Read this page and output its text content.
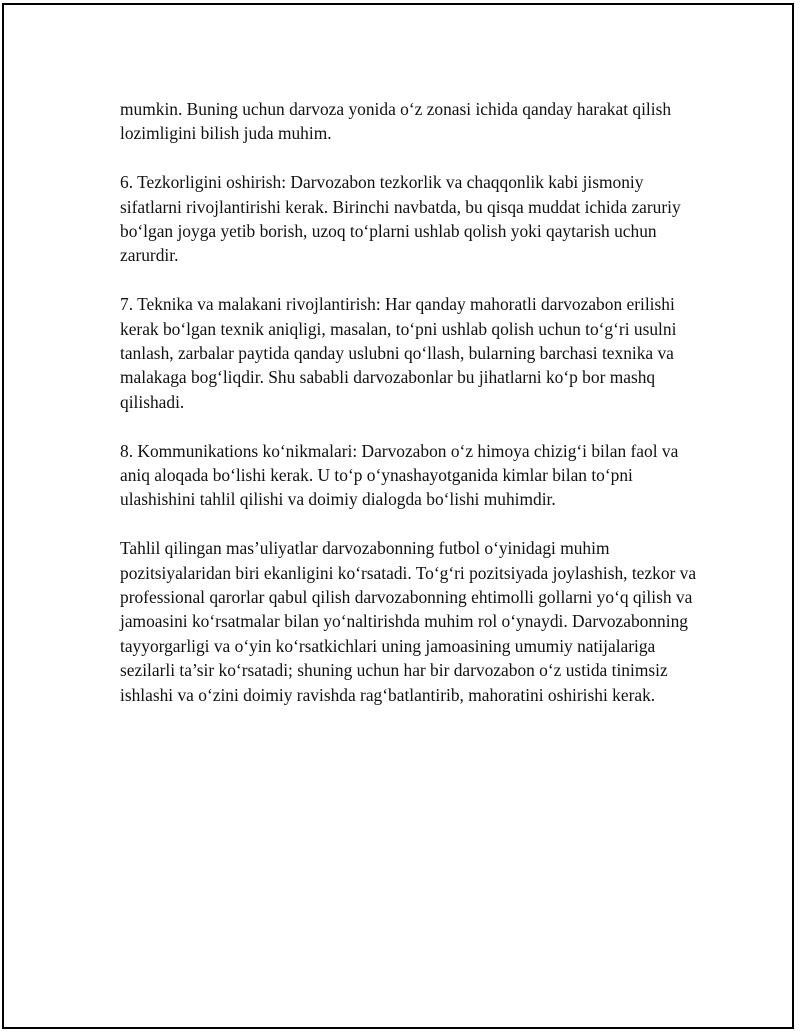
mumkin. Buning uchun darvoza yonida o‘z zonasi ichida qanday harakat qilish lozimligini bilish juda muhim.

6. Tezkorligini oshirish: Darvozabon tezkorlik va chaqqonlik kabi jismoniy sifatlarni rivojlantirishi kerak. Birinchi navbatda, bu qisqa muddat ichida zaruriy bo‘lgan joyga yetib borish, uzoq to‘plarni ushlab qolish yoki qaytarish uchun zarurdir.

7. Teknika va malakani rivojlantirish: Har qanday mahoratli darvozabon erilishi kerak bo‘lgan texnik aniqligi, masalan, to‘pni ushlab qolish uchun to‘g‘ri usulni tanlash, zarbalar paytida qanday uslubni qo‘llash, bularning barchasi texnika va malakaga bog‘liqdir. Shu sababli darvozabonlar bu jihatlarni ko‘p bor mashq qilishadi.

8. Kommunikations ko‘nikmalari: Darvozabon o‘z himoya chizig‘i bilan faol va aniq aloqada bo‘lishi kerak. U to‘p o‘ynashayotganida kimlar bilan to‘pni ulashishini tahlil qilishi va doimiy dialogda bo‘lishi muhimdir.

Tahlil qilingan mas’uliyatlar darvozabonning futbol o‘yinidagi muhim pozitsiyalaridan biri ekanligini ko‘rsatadi. To‘g‘ri pozitsiyada joylashish, tezkor va professional qarorlar qabul qilish darvozabonning ehtimolli gollarni yo‘q qilish va jamoasini ko‘rsatmalar bilan yo‘naltirishda muhim rol o‘ynaydi. Darvozabonning tayyorgarligi va o‘yin ko‘rsatkichlari uning jamoasining umumiy natijalariga sezilarli ta’sir ko‘rsatadi; shuning uchun har bir darvozabon o‘z ustida tinimsiz ishlashi va o‘zini doimiy ravishda rag‘batlantirib, mahoratini oshirishi kerak.
